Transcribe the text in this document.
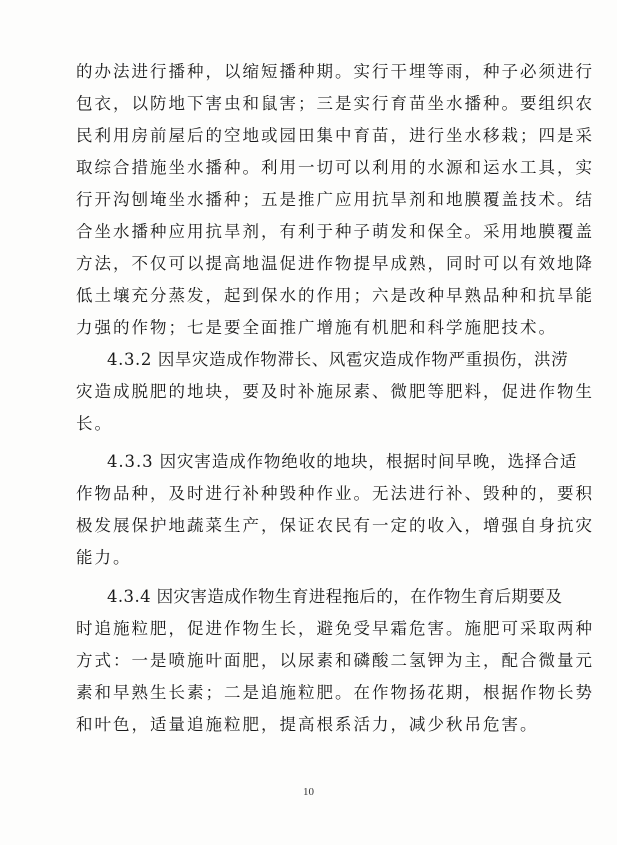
的办法进行播种，以缩短播种期。实行干埋等雨，种子必须进行
包衣，以防地下害虫和鼠害；三是实行育苗坐水播种。要组织农
民利用房前屋后的空地或园田集中育苗，进行坐水移栽；四是采
取综合措施坐水播种。利用一切可以利用的水源和运水工具，实
行开沟刨埯坐水播种；五是推广应用抗旱剂和地膜覆盖技术。结
合坐水播种应用抗旱剂，有利于种子萌发和保全。采用地膜覆盖
方法，不仅可以提高地温促进作物提早成熟，同时可以有效地降
低土壤充分蒸发，起到保水的作用；六是改种早熟品种和抗旱能
力强的作物；七是要全面推广增施有机肥和科学施肥技术。
4.3.2 因旱灾造成作物滞长、风雹灾造成作物严重损伤，洪涝
灾造成脱肥的地块，要及时补施尿素、微肥等肥料，促进作物生
长。
4.3.3 因灾害造成作物绝收的地块，根据时间早晚，选择合适
作物品种，及时进行补种毁种作业。无法进行补、毁种的，要积
极发展保护地蔬菜生产，保证农民有一定的收入，增强自身抗灾
能力。
4.3.4 因灾害造成作物生育进程拖后的，在作物生育后期要及
时追施粒肥，促进作物生长，避免受早霜危害。施肥可采取两种
方式：一是喷施叶面肥，以尿素和磷酸二氢钾为主，配合微量元
素和早熟生长素；二是追施粒肥。在作物扬花期，根据作物长势
和叶色，适量追施粒肥，提高根系活力，减少秋吊危害。
10
